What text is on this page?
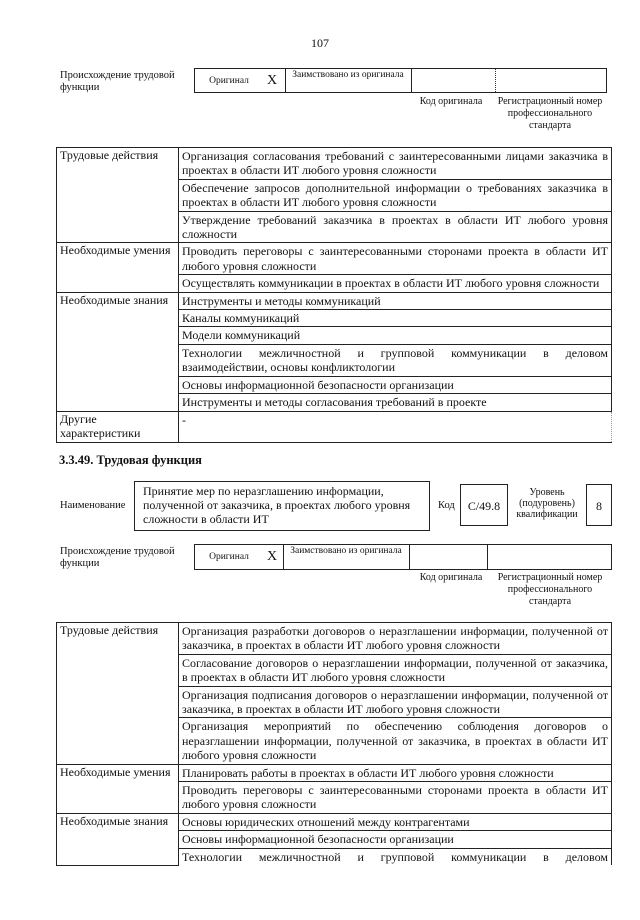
107
Происхождение трудовой функции
Оригинал	X	Заимствовано из оригинала
Код оригинала	Регистрационный номер профессионального стандарта
Трудовые действия	Организация согласования требований с заинтересованными лицами заказчика в проектах в области ИТ любого уровня сложности
	Обеспечение запросов дополнительной информации о требованиях заказчика в проектах в области ИТ любого уровня сложности
	Утверждение требований заказчика в проектах в области ИТ любого уровня сложности
Необходимые умения	Проводить переговоры с заинтересованными сторонами проекта в области ИТ любого уровня сложности
	Осуществлять коммуникации в проектах в области ИТ любого уровня сложности
Необходимые знания	Инструменты и методы коммуникаций
	Каналы коммуникаций
	Модели коммуникаций
	Технологии межличностной и групповой коммуникации в деловом взаимодействии, основы конфликтологии
	Основы информационной безопасности организации
	Инструменты и методы согласования требований в проекте
Другие характеристики	-
3.3.49. Трудовая функция
Наименование
Принятие мер по неразглашению информации, полученной от заказчика, в проектах любого уровня сложности в области ИТ
Код	С/49.8
Уровень (подуровень) квалификации
8
Происхождение трудовой функции
Оригинал	X	Заимствовано из оригинала
Код оригинала	Регистрационный номер профессионального стандарта
Трудовые действия	Организация разработки договоров о неразглашении информации, полученной от заказчика, в проектах в области ИТ любого уровня сложности
	Согласование договоров о неразглашении информации, полученной от заказчика, в проектах в области ИТ любого уровня сложности
	Организация подписания договоров о неразглашении информации, полученной от заказчика, в проектах в области ИТ любого уровня сложности
	Организация мероприятий по обеспечению соблюдения договоров о неразглашении информации, полученной от заказчика, в проектах в области ИТ любого уровня сложности
Необходимые умения	Планировать работы в проектах в области ИТ любого уровня сложности
	Проводить переговоры с заинтересованными сторонами проекта в области ИТ любого уровня сложности
Необходимые знания	Основы юридических отношений между контрагентами
	Основы информационной безопасности организации
	Технологии межличностной и групповой коммуникации в деловом
